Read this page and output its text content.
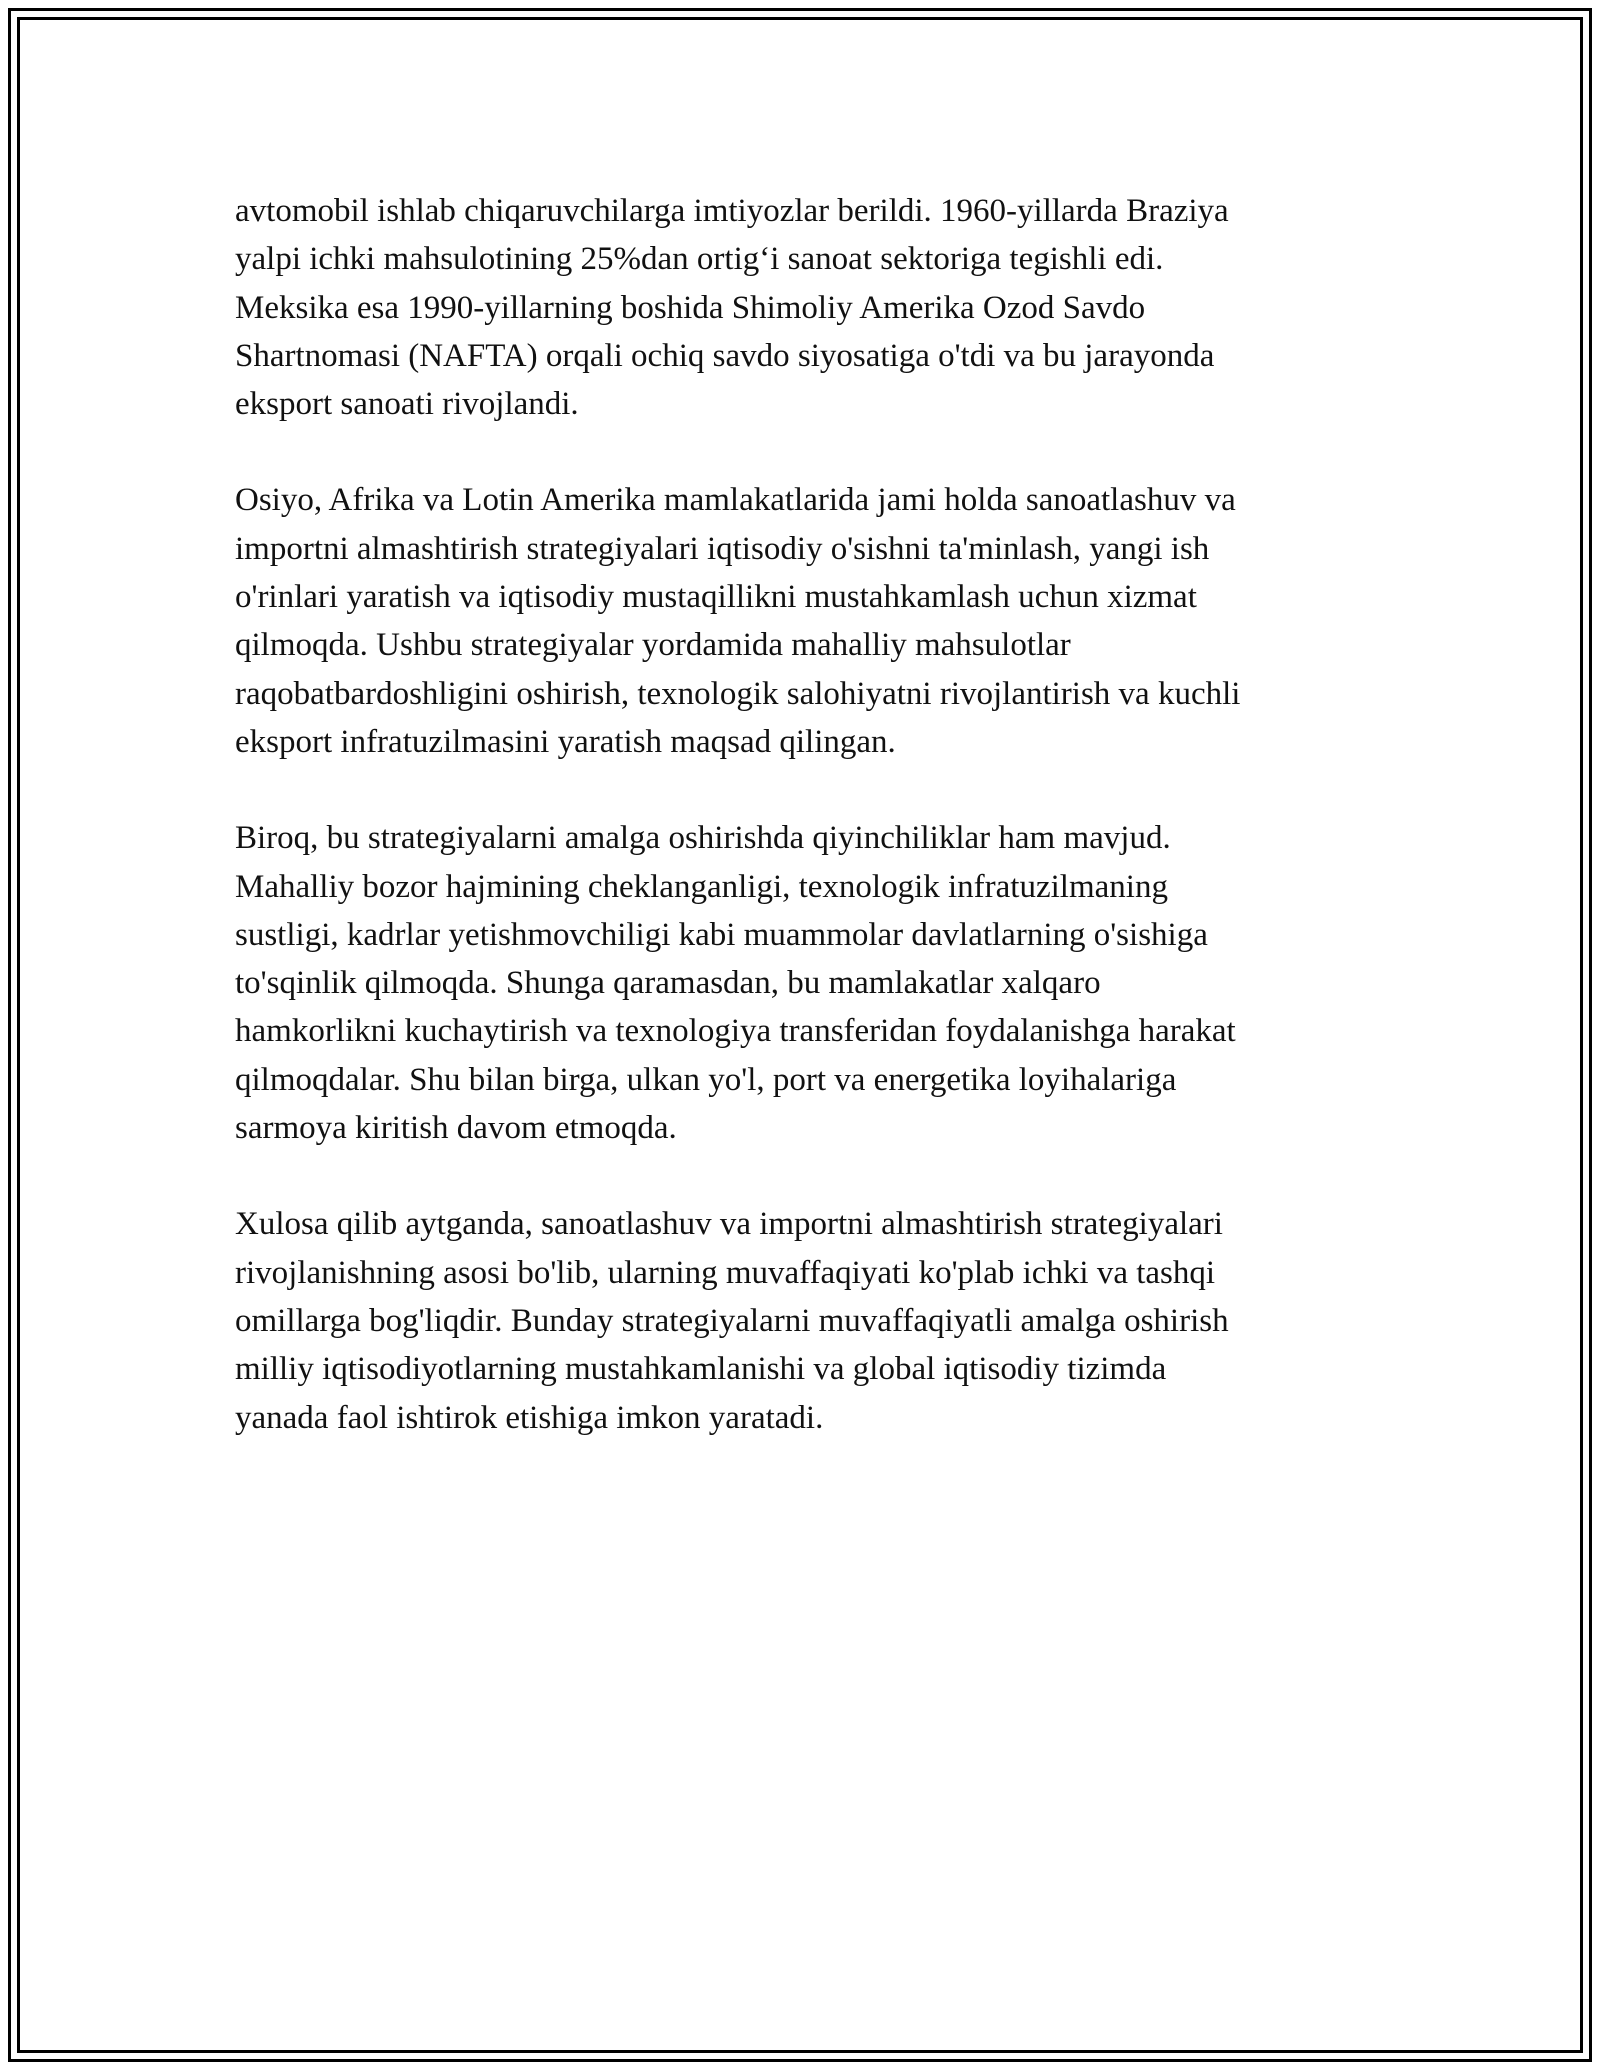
avtomobil ishlab chiqaruvchilarga imtiyozlar berildi. 1960-yillarda Braziya
yalpi ichki mahsulotining 25%dan ortig‘i sanoat sektoriga tegishli edi.
Meksika esa 1990-yillarning boshida Shimoliy Amerika Ozod Savdo
Shartnomasi (NAFTA) orqali ochiq savdo siyosatiga o'tdi va bu jarayonda
eksport sanoati rivojlandi.

Osiyo, Afrika va Lotin Amerika mamlakatlarida jami holda sanoatlashuv va
importni almashtirish strategiyalari iqtisodiy o'sishni ta'minlash, yangi ish
o'rinlari yaratish va iqtisodiy mustaqillikni mustahkamlash uchun xizmat
qilmoqda. Ushbu strategiyalar yordamida mahalliy mahsulotlar
raqobatbardoshligini oshirish, texnologik salohiyatni rivojlantirish va kuchli
eksport infratuzilmasini yaratish maqsad qilingan.

Biroq, bu strategiyalarni amalga oshirishda qiyinchiliklar ham mavjud.
Mahalliy bozor hajmining cheklanganligi, texnologik infratuzilmaning
sustligi, kadrlar yetishmovchiligi kabi muammolar davlatlarning o'sishiga
to'sqinlik qilmoqda. Shunga qaramasdan, bu mamlakatlar xalqaro
hamkorlikni kuchaytirish va texnologiya transferidan foydalanishga harakat
qilmoqdalar. Shu bilan birga, ulkan yo'l, port va energetika loyihalariga
sarmoya kiritish davom etmoqda.

Xulosa qilib aytganda, sanoatlashuv va importni almashtirish strategiyalari
rivojlanishning asosi bo'lib, ularning muvaffaqiyati ko'plab ichki va tashqi
omillarga bog'liqdir. Bunday strategiyalarni muvaffaqiyatli amalga oshirish
milliy iqtisodiyotlarning mustahkamlanishi va global iqtisodiy tizimda
yanada faol ishtirok etishiga imkon yaratadi.
